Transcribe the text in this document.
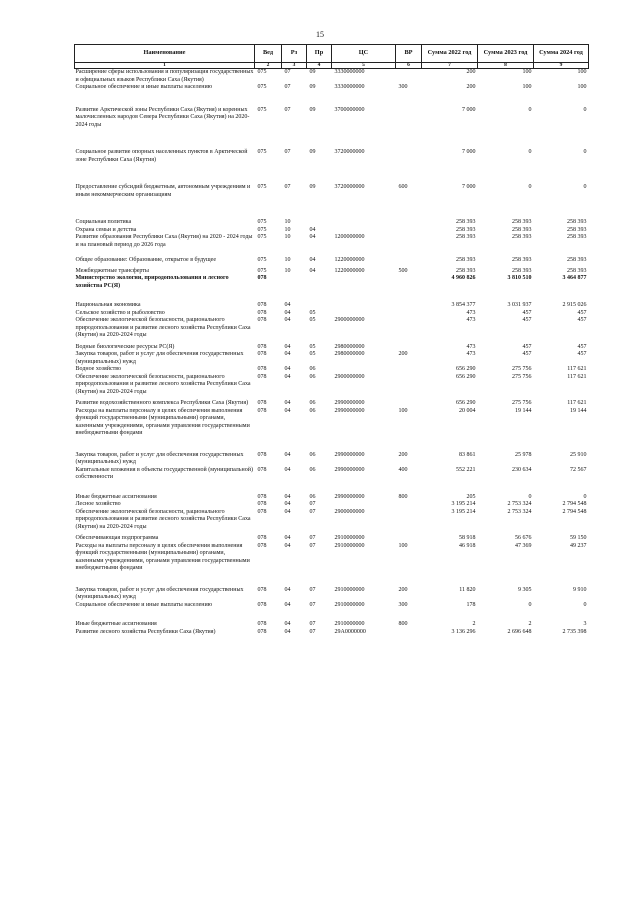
15
Наименование	Вед	Рз	Пр	ЦС	ВР	Сумма 2022 год	Сумма 2023 год	Сумма 2024 год
1	2	3	4	5	6	7	8	9
Расширение сферы использования и популяризация государственных и официальных языков Республики Саха (Якутия)	075	07	09	3330000000		200	100	100
Социальное обеспечение и иные выплаты населению	075	07	09	3330000000	300	200	100	100
Развитие Арктической зоны Республики Саха (Якутия) и коренных малочисленных народов Севера Республики Саха (Якутия) на 2020-2024 годы	075	07	09	3700000000		7 000	0	0
Социальное развитие опорных населенных пунктов в Арктической зоне Республики Саха (Якутия)	075	07	09	3720000000		7 000	0	0
Предоставление субсидий бюджетным, автономным учреждениям и иным некоммерческим организациям	075	07	09	3720000000	600	7 000	0	0
Социальная политика	075	10				258 393	258 393	258 393
Охрана семьи и детства	075	10	04			258 393	258 393	258 393
Развитие образования Республики Саха (Якутия) на 2020 - 2024 годы и на плановый период до 2026 года	075	10	04	1200000000		258 393	258 393	258 393
Общее образование: Образование, открытое в будущее	075	10	04	1220000000		258 393	258 393	258 393
Межбюджетные трансферты	075	10	04	1220000000	500	258 393	258 393	258 393
Министерство экологии, природопользования и лесного хозяйства РС(Я)	078					4 960 826	3 810 510	3 464 877
Национальная экономика	078	04				3 854 377	3 031 937	2 915 026
Сельское хозяйство и рыболовство	078	04	05			473	457	457
Обеспечение экологической безопасности, рационального природопользования и развитие лесного хозяйства Республики Саха (Якутия) на 2020-2024 годы	078	04	05	2900000000		473	457	457
Водные биологические ресурсы РС(Я)	078	04	05	2980000000		473	457	457
Закупка товаров, работ и услуг для обеспечения государственных (муниципальных) нужд	078	04	05	2980000000	200	473	457	457
Водное хозяйство	078	04	06			656 290	275 756	117 621
Обеспечение экологической безопасности, рационального природопользования и развитие лесного хозяйства Республики Саха (Якутия) на 2020-2024 годы	078	04	06	2900000000		656 290	275 756	117 621
Развитие водохозяйственного комплекса Республики Саха (Якутия)	078	04	06	2990000000		656 290	275 756	117 621
Расходы на выплаты персоналу в целях обеспечения выполнения функций государственными (муниципальными) органами, казенными учреждениями, органами управления государственными внебюджетными фондами	078	04	06	2990000000	100	20 004	19 144	19 144
Закупка товаров, работ и услуг для обеспечения государственных (муниципальных) нужд	078	04	06	2990000000	200	83 861	25 978	25 910
Капитальные вложения в объекты государственной (муниципальной) собственности	078	04	06	2990000000	400	552 221	230 634	72 567
Иные бюджетные ассигнования	078	04	06	2990000000	800	205	0	0
Лесное хозяйство	078	04	07			3 195 214	2 753 324	2 794 548
Обеспечение экологической безопасности, рационального природопользования и развитие лесного хозяйства Республики Саха (Якутия) на 2020-2024 годы	078	04	07	2900000000		3 195 214	2 753 324	2 794 548
Обеспечивающая подпрограмма	078	04	07	2910000000		58 918	56 676	59 150
Расходы на выплаты персоналу в целях обеспечения выполнения функций государственными (муниципальными) органами, казенными учреждениями, органами управления государственными внебюджетными фондами	078	04	07	2910000000	100	46 918	47 369	49 237
Закупка товаров, работ и услуг для обеспечения государственных (муниципальных) нужд	078	04	07	2910000000	200	11 820	9 305	9 910
Социальное обеспечение и иные выплаты населению	078	04	07	2910000000	300	178	0	0
Иные бюджетные ассигнования	078	04	07	2910000000	800	2	2	3
Развитие лесного хозяйства Республики Саха (Якутия)	078	04	07	29А0000000		3 136 296	2 696 648	2 735 398
